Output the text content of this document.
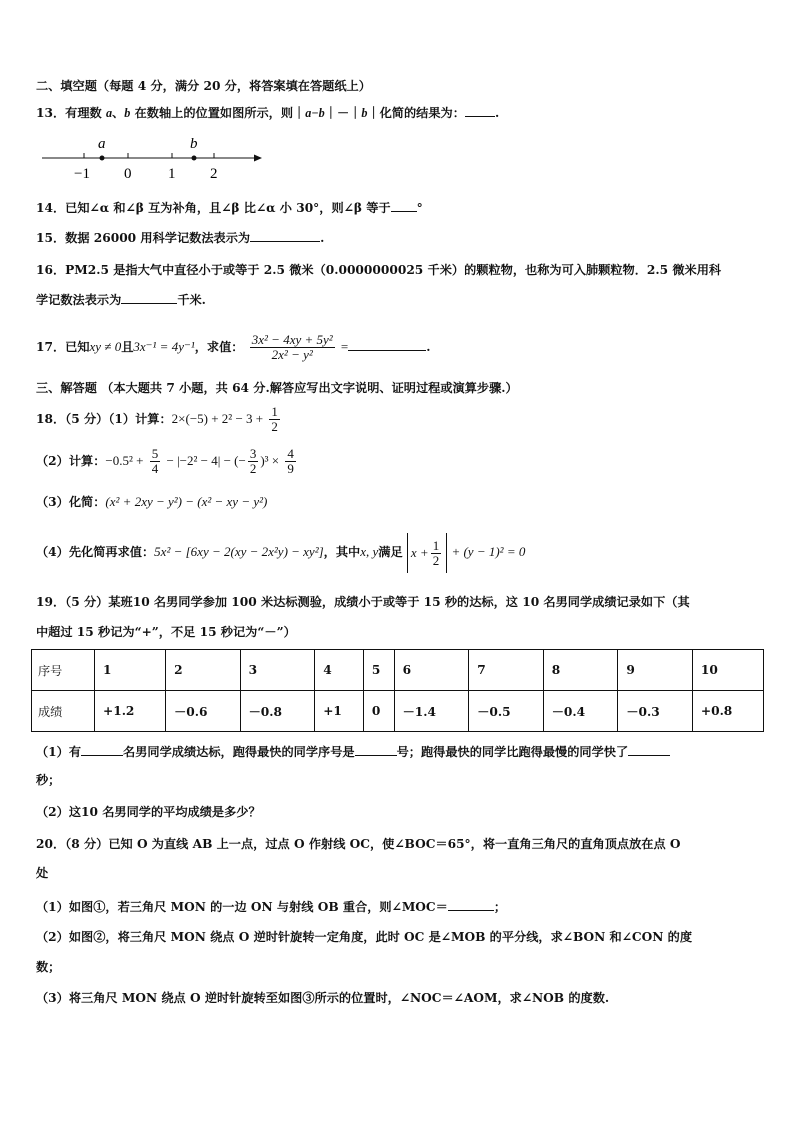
二、填空题（每题 4 分，满分 20 分，将答案填在答题纸上）
13．有理数 a、b 在数轴上的位置如图所示，则｜a−b｜－｜b｜化简的结果为： .
a	b
−1 0 1 2
14．已知∠α 和∠β 互为补角，且∠β 比∠α 小 30°，则∠β 等于 °
15．数据 26000 用科学记数法表示为	.
16．PM2.5 是指大气中直径小于或等于 2.5 微米（0.0000000025 千米）的颗粒物，也称为可入肺颗粒物．2.5 微米用科
学记数法表示为	千米.
17．已知xy ≠ 0且3x⁻¹ = 4y⁻¹，求值： $\frac{\text{3x² − 4xy + 5y²}}{\text{2x² − y²}}$ =	.
三、解答题 （本大题共 7 小题，共 64 分.解答应写出文字说明、证明过程或演算步骤.）
18．（5 分）（1）计算：$2\times(-5) + 2^2 - 3 + \frac{1}{2}$
（2）计算：$-0.5^2 + \frac{5}{4} - |-2^2 - 4|$ − (− $\frac{3}{2} )^3 \times \frac{4}{9}$
（3）化简：(x² + 2xy − y²) − (x² − xy − y²)
（4）先化简再求值：5x² − [6xy − 2(xy − 2x²y) − xy²]，其中x, y满足 $x + \frac{1}{2} + (y - 1)^2 = 0$
19．（5 分）某班10 名男同学参加 100 米达标测验，成绩小于或等于 15 秒的达标，这 10 名男同学成绩记录如下（其
中超过 15 秒记为“+”，不足 15 秒记为“－”）
序号	1	2	3	4	5	6	7	8	9	10
成绩	+1.2	－0.6	－0.8	+1	0	－1.4	－0.5	－0.4	－0.3	+0.8
（1）有	名男同学成绩达标，跑得最快的同学序号是	号；跑得最快的同学比跑得最慢的同学快了
秒；
（2）这10 名男同学的平均成绩是多少？
20．（8 分）已知 O 为直线 AB 上一点，过点 O 作射线 OC，使∠BOC＝65°，将一直角三角尺的直角顶点放在点 O
处
（1）如图①，若三角尺 MON 的一边 ON 与射线 OB 重合，则∠MOC＝	；
（2）如图②，将三角尺 MON 绕点 O 逆时针旋转一定角度，此时 OC 是∠MOB 的平分线，求∠BON 和∠CON 的度
数；
（3）将三角尺 MON 绕点 O 逆时针旋转至如图③所示的位置时，∠NOC＝∠AOM，求∠NOB 的度数.
